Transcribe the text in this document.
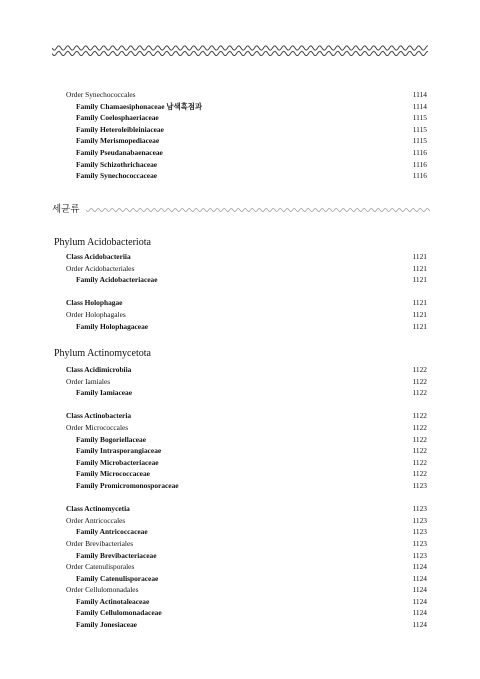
Order Synechococcales	1114
Family Chamaesiphonaceae 남색흑점과	1114
Family Coelosphaeriaceae	1115
Family Heteroleibleiniaceae	1115
Family Merismopediaceae	1115
Family Pseudanabaenaceae	1116
Family Schizothrichaceae	1116
Family Synechococcaceae	1116
세균류
Phylum Acidobacteriota
Class Acidobacteriia	1121
Order Acidobacteriales	1121
Family Acidobacteriaceae	1121
Class Holophagae	1121
Order Holophagales	1121
Family Holophagaceae	1121
Phylum Actinomycetota
Class Acidimicrobiia	1122
Order Iamiales	1122
Family Iamiaceae	1122
Class Actinobacteria	1122
Order Micrococcales	1122
Family Bogoriellaceae	1122
Family Intrasporangiaceae	1122
Family Microbacteriaceae	1122
Family Micrococcaceae	1122
Family Promicromonosporaceae	1123
Class Actinomycetia	1123
Order Antricoccales	1123
Family Antricoccaceae	1123
Order Brevibacteriales	1123
Family Brevibacteriaceae	1123
Order Catenulisporales	1124
Family Catenulisporaceae	1124
Order Cellulomonadales	1124
Family Actinotaleaceae	1124
Family Cellulomonadaceae	1124
Family Jonesiaceae	1124
